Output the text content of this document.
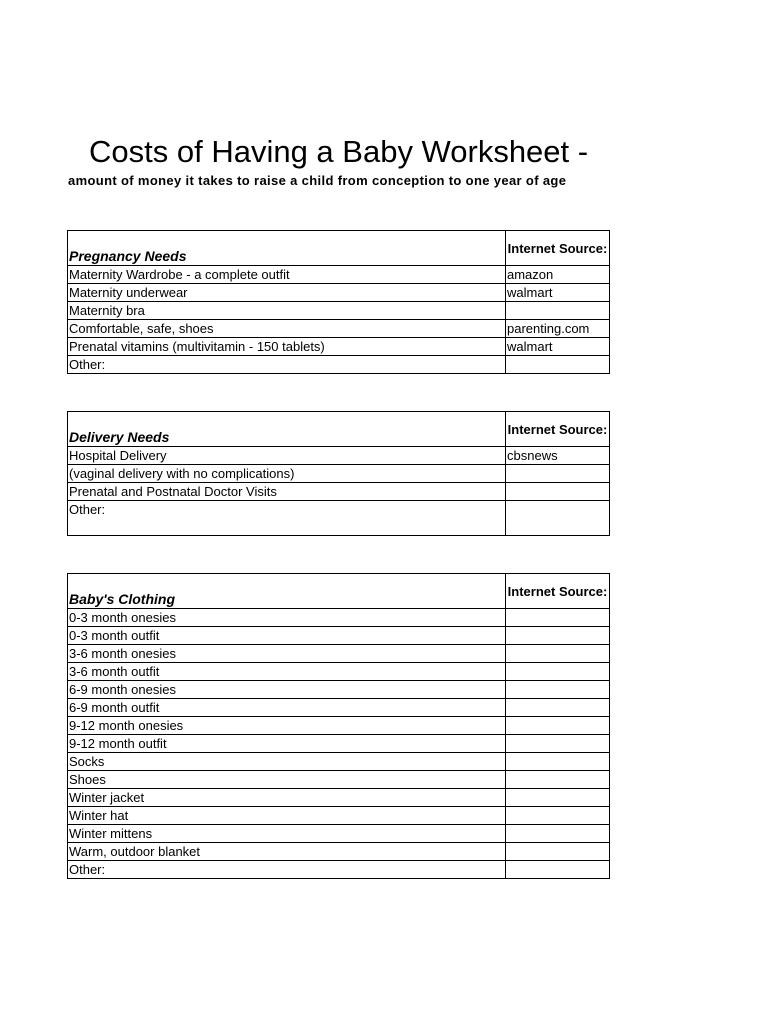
Costs of Having a Baby Worksheet -
amount of money it takes to raise a child from conception to one year of age
Pregnancy Needs	Internet Source:
Maternity Wardrobe - a complete outfit	amazon
Maternity underwear	walmart
Maternity bra	
Comfortable, safe, shoes	parenting.com
Prenatal vitamins (multivitamin - 150 tablets)	walmart
Other:	
Delivery Needs	Internet Source:
Hospital Delivery	cbsnews
(vaginal delivery with no complications)	
Prenatal and Postnatal Doctor Visits	
Other:	
Baby's Clothing	Internet Source:
0-3 month onesies	
0-3 month outfit	
3-6 month onesies	
3-6 month outfit	
6-9 month onesies	
6-9 month outfit	
9-12 month onesies	
9-12 month outfit	
Socks	
Shoes	
Winter jacket	
Winter hat	
Winter mittens	
Warm, outdoor blanket	
Other:	
